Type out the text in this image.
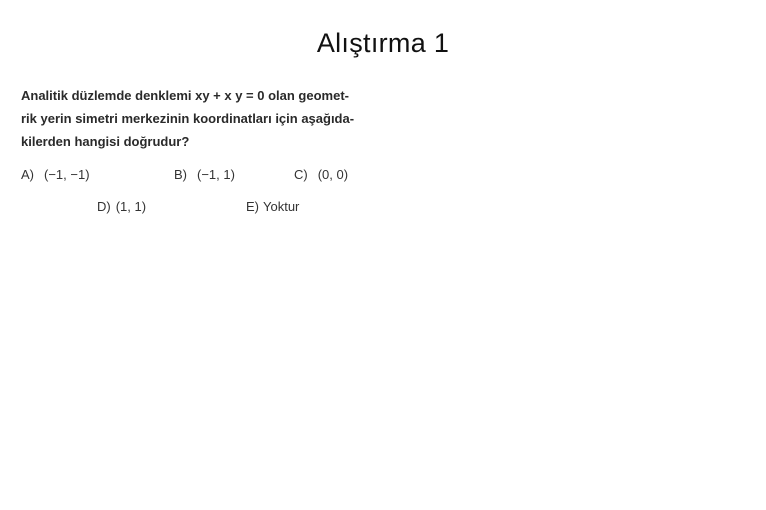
Alıştırma 1
Analitik düzlemde denklemi xy + x y = 0 olan geomet-
rik yerin simetri merkezinin koordinatları için aşağıda-
kilerden hangisi doğrudur?
A) (−1, −1)	B) (−1, 1)	C) (0, 0)
D) (1, 1)	E) Yoktur
